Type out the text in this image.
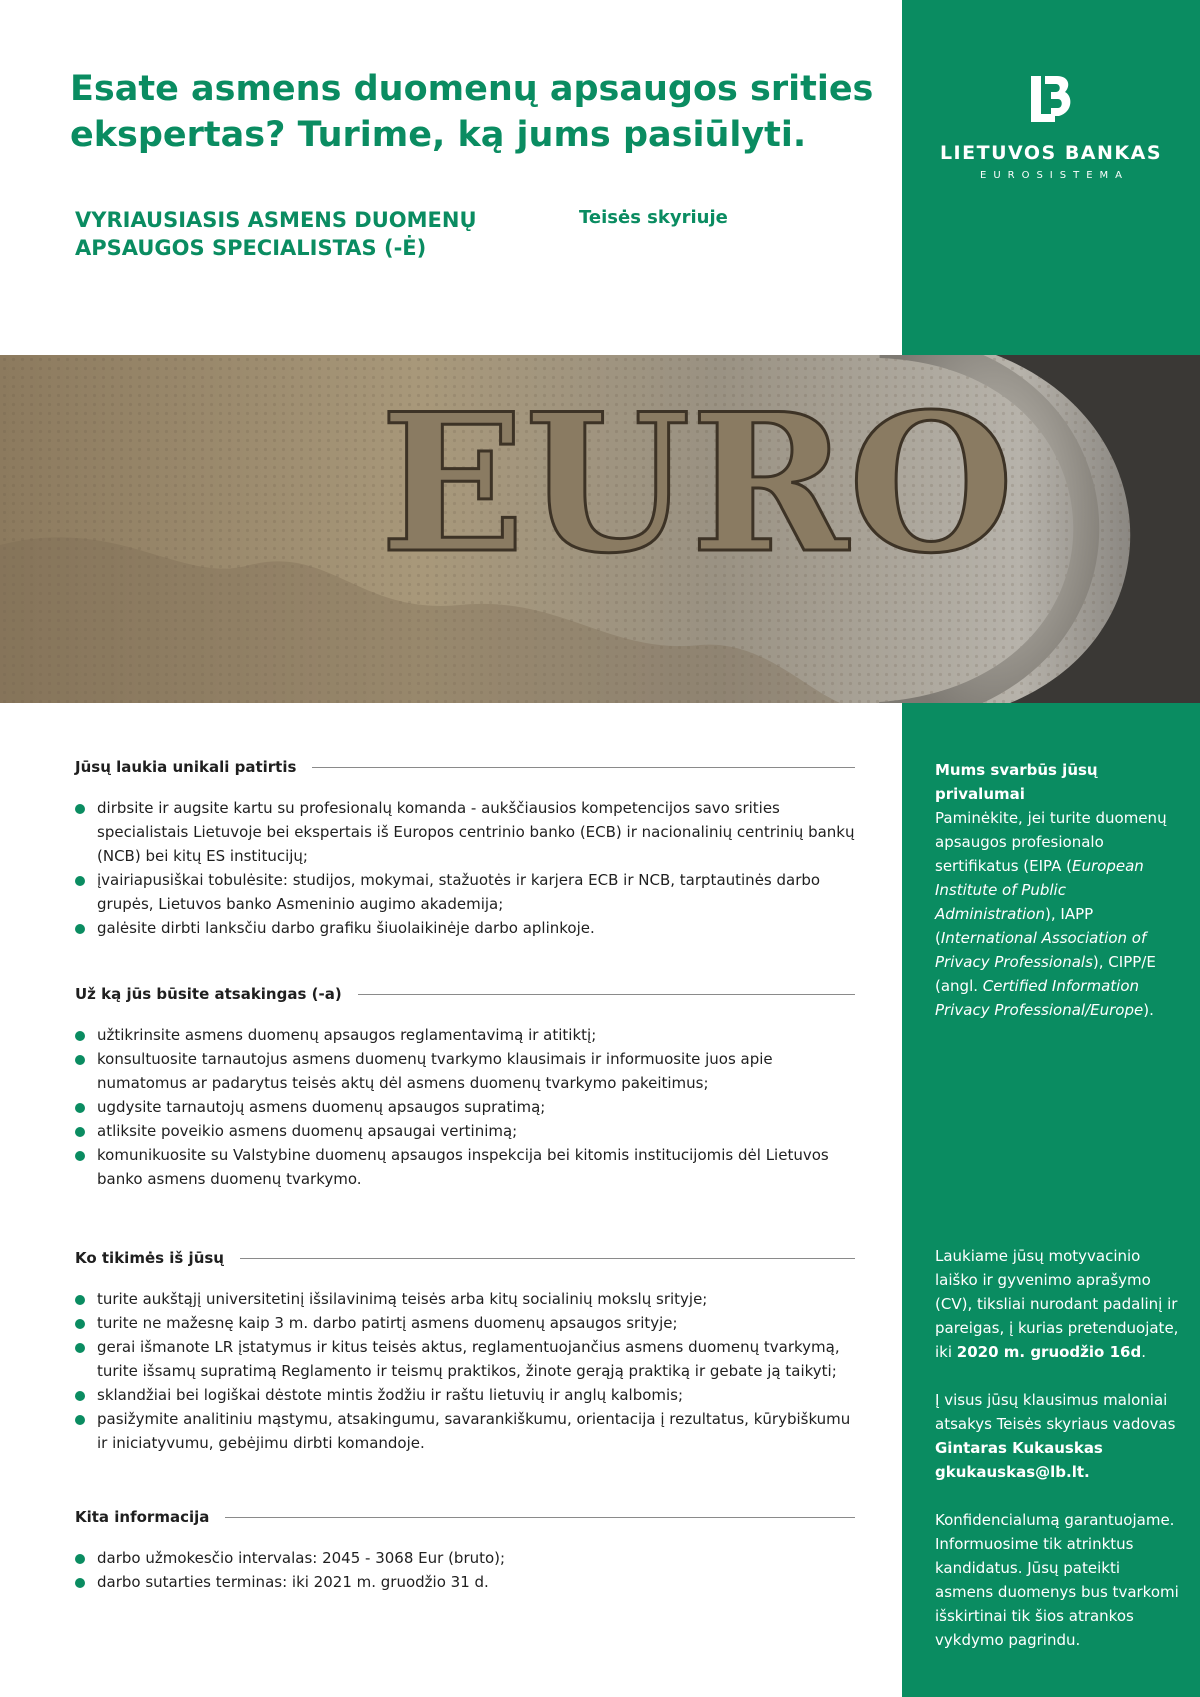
LIETUVOS BANKAS
EUROSISTEMA
Esate asmens duomenų apsaugos srities ekspertas? Turime, ką jums pasiūlyti.
VYRIAUSIASIS ASMENS DUOMENŲ APSAUGOS SPECIALISTAS (-Ė)
Teisės skyriuje
EURO
Jūsų laukia unikali patirtis
dirbsite ir augsite kartu su profesionalų komanda - aukščiausios kompetencijos savo srities specialistais Lietuvoje bei ekspertais iš Europos centrinio banko (ECB) ir nacionalinių centrinių bankų (NCB) bei kitų ES institucijų;
įvairiapusiškai tobulėsite: studijos, mokymai, stažuotės ir karjera ECB ir NCB, tarptautinės darbo grupės, Lietuvos banko Asmeninio augimo akademija;
galėsite dirbti lanksčiu darbo grafiku šiuolaikinėje darbo aplinkoje.
Už ką jūs būsite atsakingas (-a)
užtikrinsite asmens duomenų apsaugos reglamentavimą ir atitiktį;
konsultuosite tarnautojus asmens duomenų tvarkymo klausimais ir informuosite juos apie numatomus ar padarytus teisės aktų dėl asmens duomenų tvarkymo pakeitimus;
ugdysite tarnautojų asmens duomenų apsaugos supratimą;
atliksite poveikio asmens duomenų apsaugai vertinimą;
komunikuosite su Valstybine duomenų apsaugos inspekcija bei kitomis institucijomis dėl Lietuvos banko asmens duomenų tvarkymo.
Ko tikimės iš jūsų
turite aukštąjį universitetinį išsilavinimą teisės arba kitų socialinių mokslų srityje;
turite ne mažesnę kaip 3 m. darbo patirtį asmens duomenų apsaugos srityje;
gerai išmanote LR įstatymus ir kitus teisės aktus, reglamentuojančius asmens duomenų tvarkymą, turite išsamų supratimą Reglamento ir teismų praktikos, žinote gerąją praktiką ir gebate ją taikyti;
sklandžiai bei logiškai dėstote mintis žodžiu ir raštu lietuvių ir anglų kalbomis;
pasižymite analitiniu mąstymu, atsakingumu, savarankiškumu, orientacija į rezultatus, kūrybiškumu ir iniciatyvumu, gebėjimu dirbti komandoje.
Kita informacija
darbo užmokesčio intervalas: 2045 - 3068 Eur (bruto);
darbo sutarties terminas: iki 2021 m. gruodžio 31 d.

Mums svarbūs jūsų privalumai
Paminėkite, jei turite duomenų apsaugos profesionalo sertifikatus (EIPA (European Institute of Public Administration), IAPP (International Association of Privacy Professionals), CIPP/E (angl. Certified Information Privacy Professional/Europe).

Laukiame jūsų motyvacinio laiško ir gyvenimo aprašymo (CV), tiksliai nurodant padalinį ir pareigas, į kurias pretenduojate, iki 2020 m. gruodžio 16d.

Į visus jūsų klausimus maloniai atsakys Teisės skyriaus vadovas Gintaras Kukauskas
gkukauskas@lb.lt.

Konfidencialumą garantuojame. Informuosime tik atrinktus kandidatus. Jūsų pateikti asmens duomenys bus tvarkomi išskirtinai tik šios atrankos vykdymo pagrindu.
